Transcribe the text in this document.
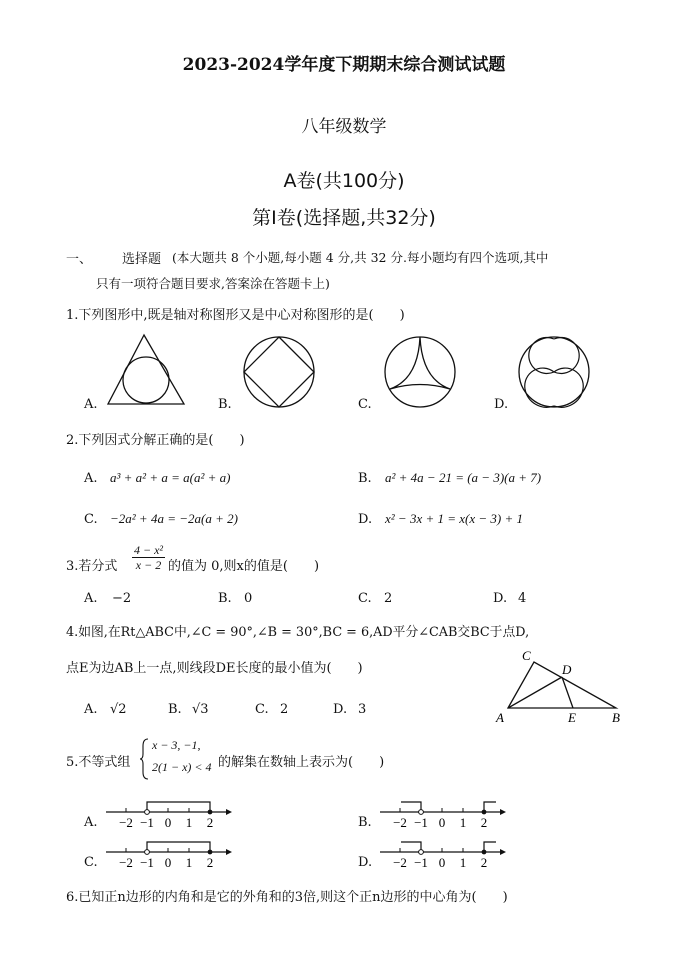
2023-2024学年度下期期末综合测试试题
八年级数学
A卷(共100分)
第Ⅰ卷(选择题,共32分)
一、 选择题 (本大题共 8 个小题,每小题 4 分,共 32 分.每小题均有四个选项,其中
只有一项符合题目要求,答案涂在答题卡上)
1.下列图形中,既是轴对称图形又是中心对称图形的是(　　)
A.	B.	C.	D.
2.下列因式分解正确的是(　　)
A. a³ + a² + a = a(a² + a)	B. a² + 4a − 21 = (a − 3)(a + 7)
C. −2a² + 4a = −2a(a + 2)	D. x² − 3x + 1 = x(x − 3) + 1
3.若分式 $\frac{\text{4 − x²}}{x - 2}$ 的值为 0,则x的值是(　　)
A. −2	B. 0	C. 2	D. 4
4.如图,在Rt△ABC中,∠C = 90°,∠B = 30°,BC = 6,AD平分∠CAB交BC于点D,
点E为边AB上一点,则线段DE长度的最小值为(　　)
A. √2	B. √3	C. 2	D. 3
C
D
A	E	B
5.不等式组
x − 3, −1,
2(1 − x) < 4 的解集在数轴上表示为(　　)
A. −2 −1 0 1 2	B. −2 −1 0 1 2
C. −2 −1 0 1 2	D. −2 −1 0 1 2
6.已知正n边形的内角和是它的外角和的3倍,则这个正n边形的中心角为(　　)
